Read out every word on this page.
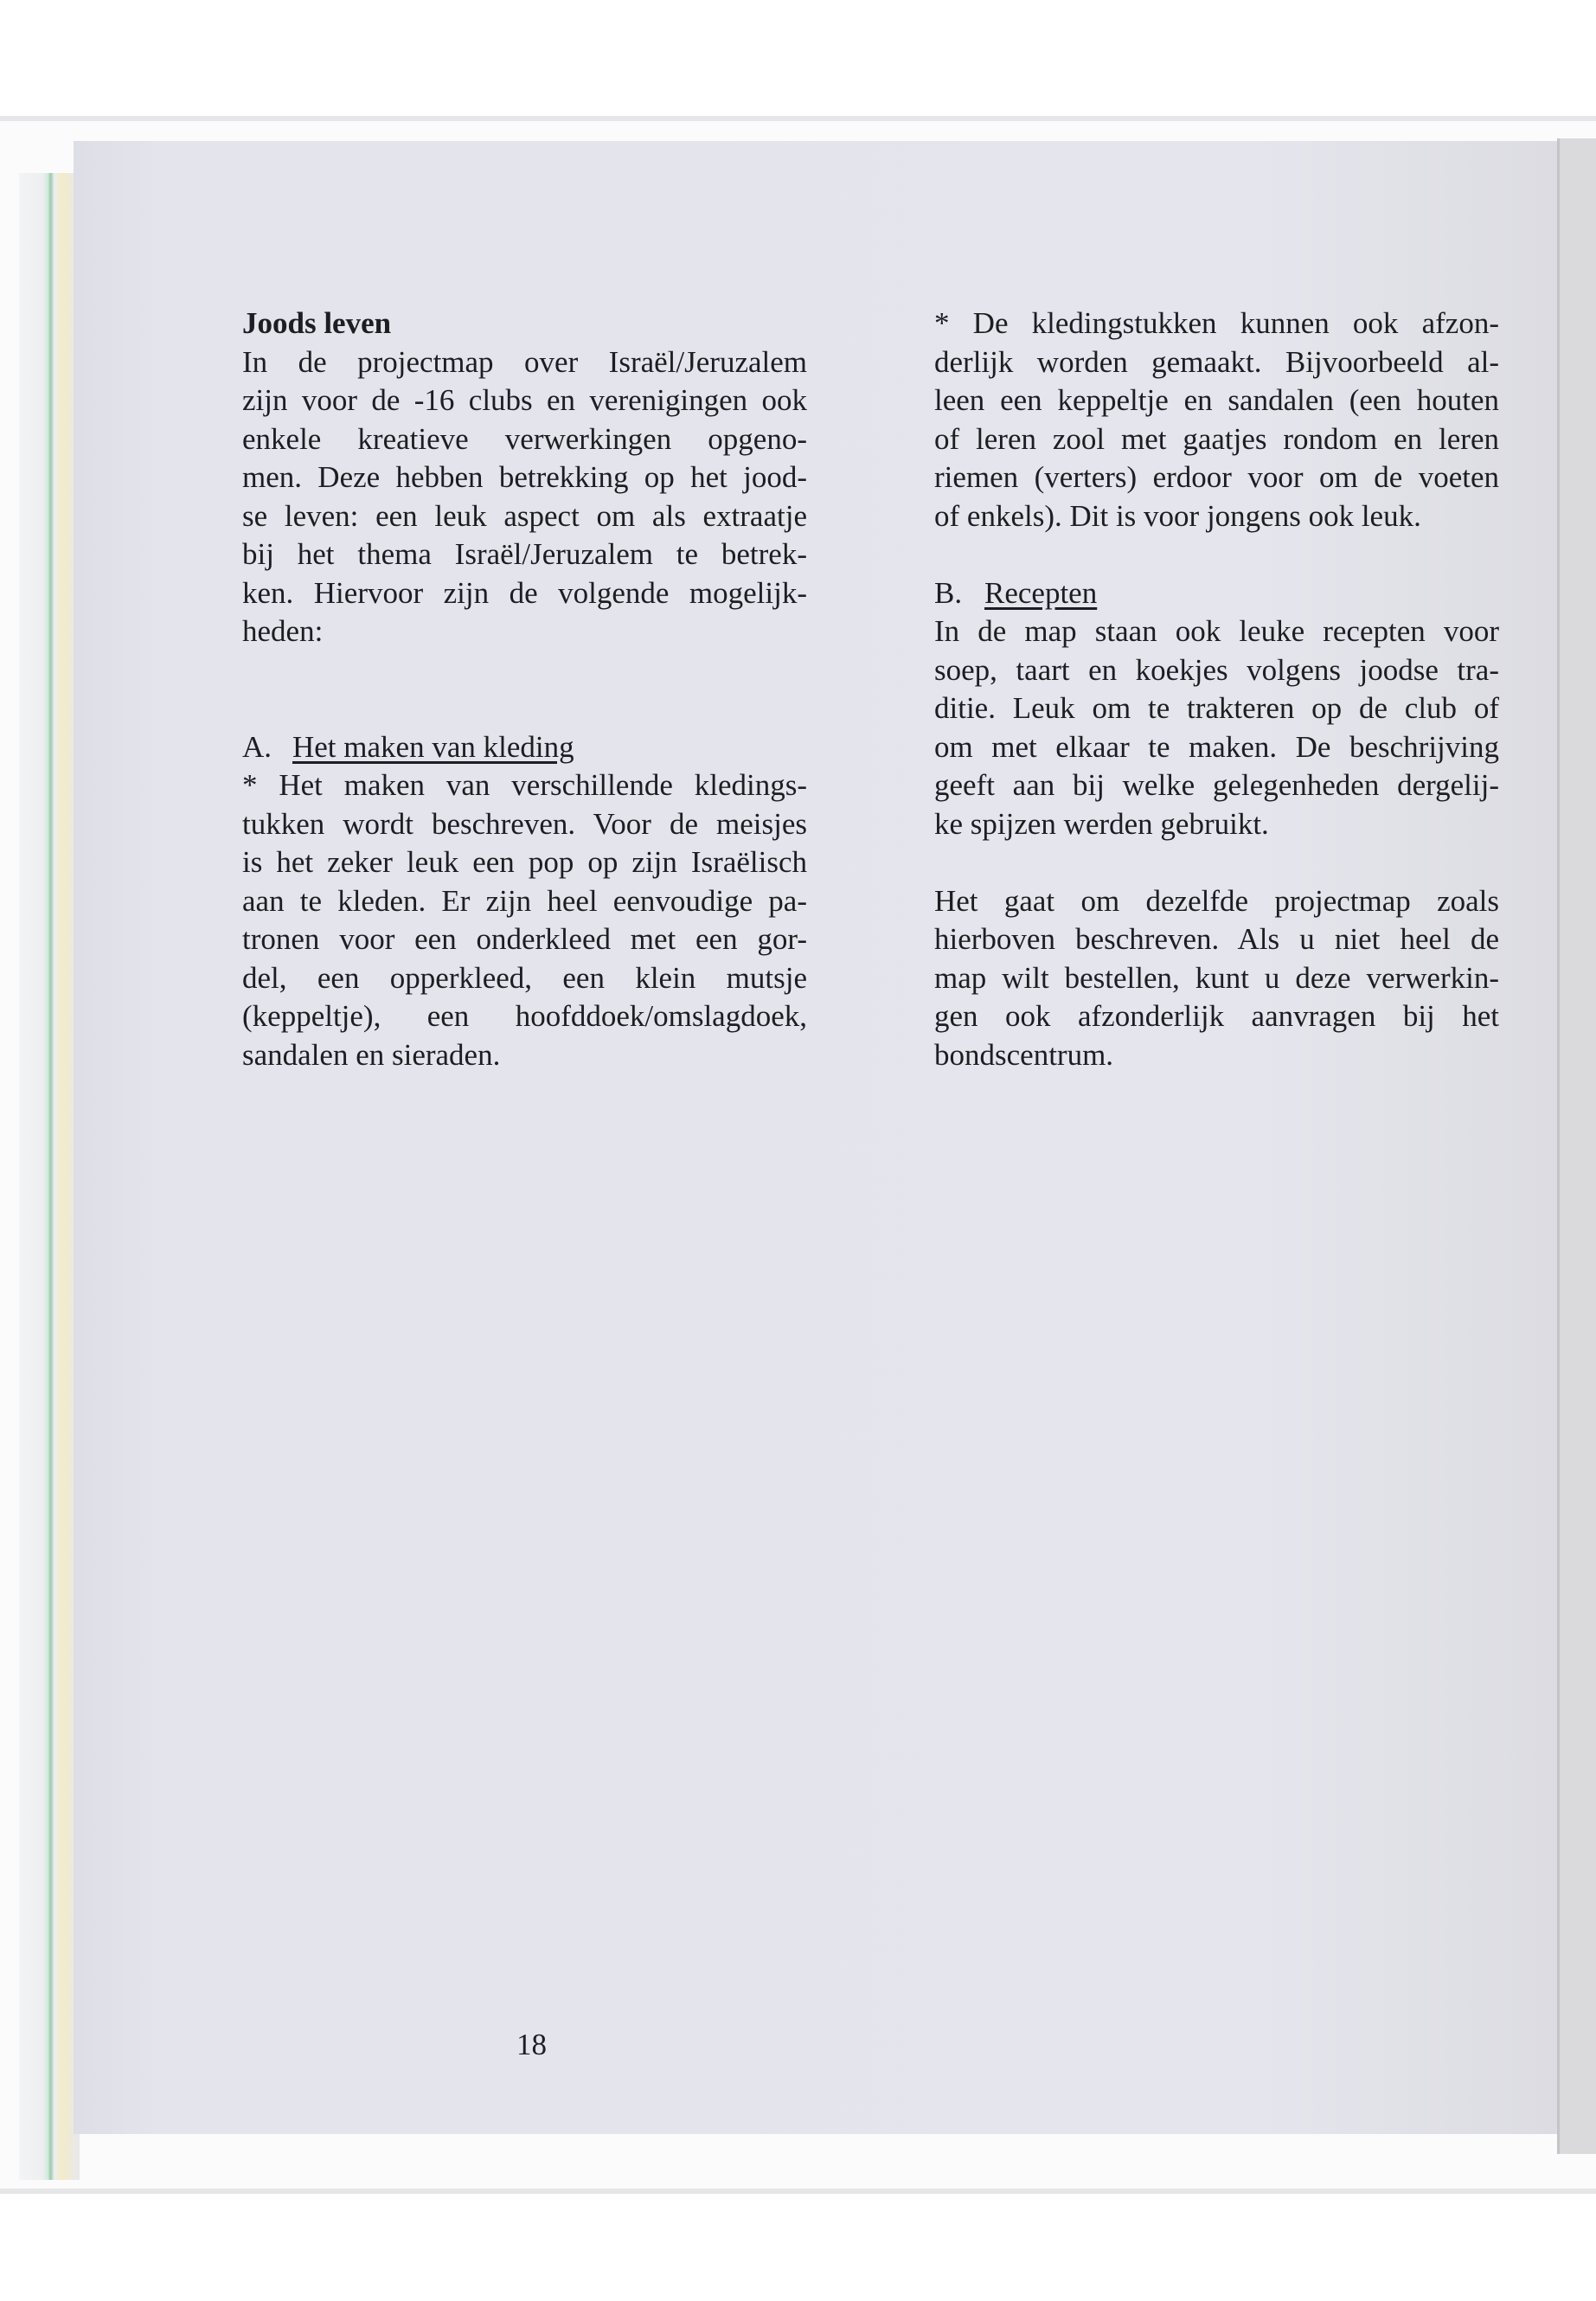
Joods leven
In de projectmap over Israël/Jeruzalem
zijn voor de -16 clubs en verenigingen ook
enkele kreatieve verwerkingen opgeno-
men. Deze hebben betrekking op het jood-
se leven: een leuk aspect om als extraatje
bij het thema Israël/Jeruzalem te betrek-
ken. Hiervoor zijn de volgende mogelijk-
heden:
A. Het maken van kleding
* Het maken van verschillende kledings-
tukken wordt beschreven. Voor de meisjes
is het zeker leuk een pop op zijn Israëlisch
aan te kleden. Er zijn heel eenvoudige pa-
tronen voor een onderkleed met een gor-
del, een opperkleed, een klein mutsje
(keppeltje), een hoofddoek/omslagdoek,
sandalen en sieraden.
* De kledingstukken kunnen ook afzon-
derlijk worden gemaakt. Bijvoorbeeld al-
leen een keppeltje en sandalen (een houten
of leren zool met gaatjes rondom en leren
riemen (verters) erdoor voor om de voeten
of enkels). Dit is voor jongens ook leuk.
B. Recepten
In de map staan ook leuke recepten voor
soep, taart en koekjes volgens joodse tra-
ditie. Leuk om te trakteren op de club of
om met elkaar te maken. De beschrijving
geeft aan bij welke gelegenheden dergelij-
ke spijzen werden gebruikt.
Het gaat om dezelfde projectmap zoals
hierboven beschreven. Als u niet heel de
map wilt bestellen, kunt u deze verwerkin-
gen ook afzonderlijk aanvragen bij het
bondscentrum.
18
